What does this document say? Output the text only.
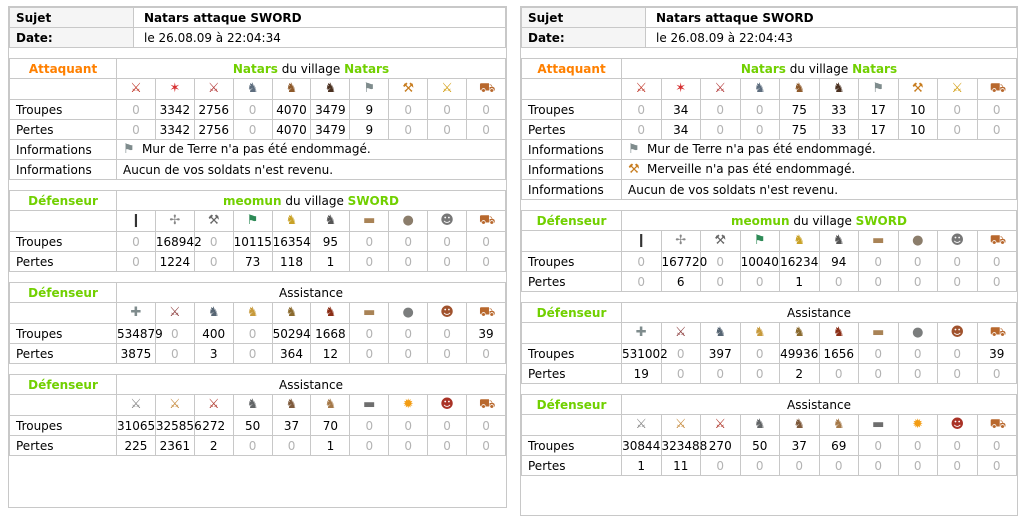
Sujet	Natars attaque SWORD
Date:	le 26.08.09 à 22:04:34
Attaquant	Natars du village Natars									
	⚔	✶	⚔	♞	♞	♞	⚑	⚒	⚔	⛟
Troupes	0	3342	2756	0	4070	3479	9	0	0	0
Pertes	0	3342	2756	0	4070	3479	9	0	0	0
Informations	⚑ Mur de Terre n'a pas été endommagé.									
Informations	Aucun de vos soldats n'est revenu.									
Défenseur	meomun du village SWORD									
	❙	✢	⚒	⚑	♞	♞	▬	●	☻	⛟
Troupes	0	168942	0	10115	16354	95	0	0	0	0
Pertes	0	1224	0	73	118	1	0	0	0	0
Défenseur	Assistance									
	✚	⚔	♞	♞	♞	♞	▬	●	☻	⛟
Troupes	534879	0	400	0	50294	1668	0	0	0	39
Pertes	3875	0	3	0	364	12	0	0	0	0
Défenseur	Assistance									
	⚔	⚔	⚔	♞	♞	♞	▬	✹	☻	⛟
Troupes	31065	325856	272	50	37	70	0	0	0	0
Pertes	225	2361	2	0	0	1	0	0	0	0
Sujet	Natars attaque SWORD
Date:	le 26.08.09 à 22:04:43
Attaquant	Natars du village Natars									
	⚔	✶	⚔	♞	♞	♞	⚑	⚒	⚔	⛟
Troupes	0	34	0	0	75	33	17	10	0	0
Pertes	0	34	0	0	75	33	17	10	0	0
Informations	⚑ Mur de Terre n'a pas été endommagé.									
Informations	⚒ Merveille n'a pas été endommagé.									
Informations	Aucun de vos soldats n'est revenu.									
Défenseur	meomun du village SWORD									
	❙	✢	⚒	⚑	♞	♞	▬	●	☻	⛟
Troupes	0	167720	0	10040	16234	94	0	0	0	0
Pertes	0	6	0	0	1	0	0	0	0	0
Défenseur	Assistance									
	✚	⚔	♞	♞	♞	♞	▬	●	☻	⛟
Troupes	531002	0	397	0	49936	1656	0	0	0	39
Pertes	19	0	0	0	2	0	0	0	0	0
Défenseur	Assistance									
	⚔	⚔	⚔	♞	♞	♞	▬	✹	☻	⛟
Troupes	30844	323488	270	50	37	69	0	0	0	0
Pertes	1	11	0	0	0	0	0	0	0	0
